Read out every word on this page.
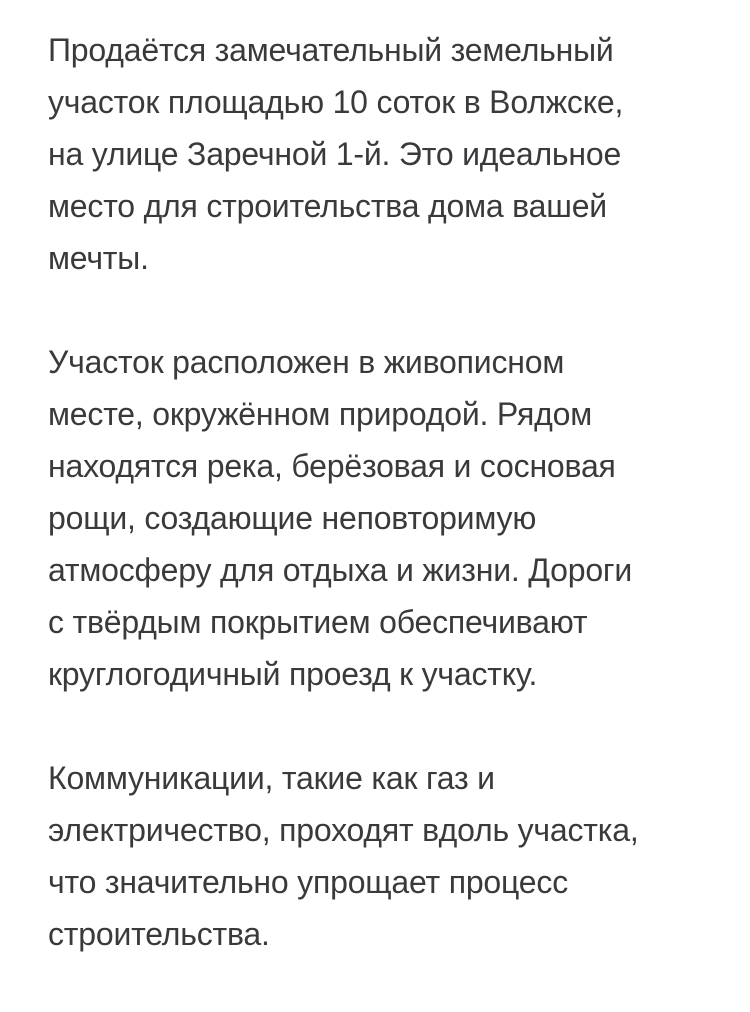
Продаётся замечательный земельный
участок площадью 10 соток в Волжске,
на улице Заречной 1-й. Это идеальное
место для строительства дома вашей
мечты.

Участок расположен в живописном
месте, окружённом природой. Рядом
находятся река, берёзовая и сосновая
рощи, создающие неповторимую
атмосферу для отдыха и жизни. Дороги
с твёрдым покрытием обеспечивают
круглогодичный проезд к участку.

Коммуникации, такие как газ и
электричество, проходят вдоль участка,
что значительно упрощает процесс
строительства.
